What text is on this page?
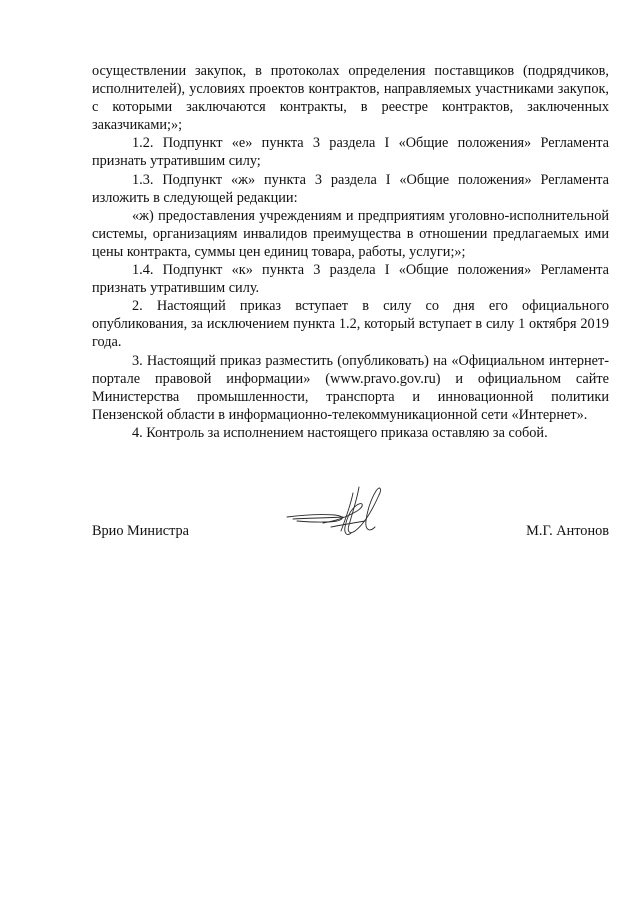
осуществлении закупок, в протоколах определения поставщиков (подрядчиков, исполнителей), условиях проектов контрактов, направляемых участниками закупок, с которыми заключаются контракты, в реестре контрактов, заключенных заказчиками;»;

1.2. Подпункт «е» пункта 3 раздела I «Общие положения» Регламента признать утратившим силу;

1.3. Подпункт «ж» пункта 3 раздела I «Общие положения» Регламента изложить в следующей редакции:

«ж) предоставления учреждениям и предприятиям уголовно-исполнительной системы, организациям инвалидов преимущества в отношении предлагаемых ими цены контракта, суммы цен единиц товара, работы, услуги;»;

1.4. Подпункт «к» пункта 3 раздела I «Общие положения» Регламента признать утратившим силу.

2. Настоящий приказ вступает в силу со дня его официального опубликования, за исключением пункта 1.2, который вступает в силу 1 октября 2019 года.

3. Настоящий приказ разместить (опубликовать) на «Официальном интернет-портале правовой информации» (www.pravo.gov.ru) и официальном сайте Министерства промышленности, транспорта и инновационной политики Пензенской области в информационно-телекоммуникационной сети «Интернет».

4. Контроль за исполнением настоящего приказа оставляю за собой.

Врио Министра	М.Г. Антонов
